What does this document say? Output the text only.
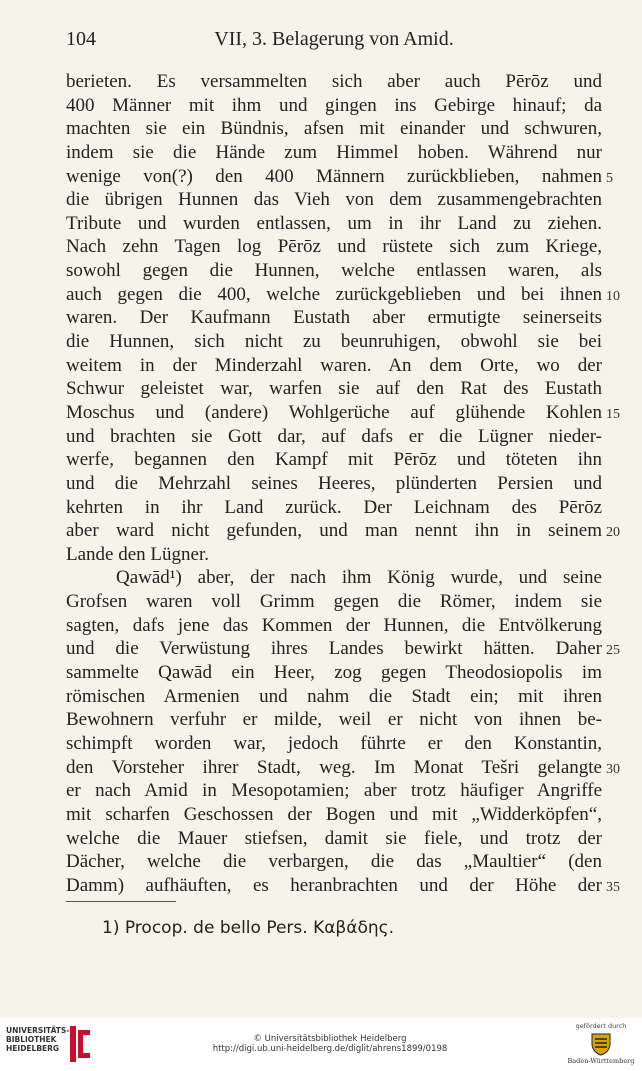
104	VII, 3. Belagerung von Amid.
berieten. Es versammelten sich aber auch Pērōz und
400 Männer mit ihm und gingen ins Gebirge hinauf; da
machten sie ein Bündnis, afsen mit einander und schwuren,
indem sie die Hände zum Himmel hoben. Während nur
wenige von(?) den 400 Männern zurückblieben, nahmen 5
die übrigen Hunnen das Vieh von dem zusammengebrachten
Tribute und wurden entlassen, um in ihr Land zu ziehen.
Nach zehn Tagen log Pērōz und rüstete sich zum Kriege,
sowohl gegen die Hunnen, welche entlassen waren, als
auch gegen die 400, welche zurückgeblieben und bei ihnen 10
waren. Der Kaufmann Eustath aber ermutigte seinerseits
die Hunnen, sich nicht zu beunruhigen, obwohl sie bei
weitem in der Minderzahl waren. An dem Orte, wo der
Schwur geleistet war, warfen sie auf den Rat des Eustath
Moschus und (andere) Wohlgerüche auf glühende Kohlen 15
und brachten sie Gott dar, auf dafs er die Lügner nieder-
werfe, begannen den Kampf mit Pērōz und töteten ihn
und die Mehrzahl seines Heeres, plünderten Persien und
kehrten in ihr Land zurück. Der Leichnam des Pērōz
aber ward nicht gefunden, und man nennt ihn in seinem 20
Lande den Lügner.
Qawād¹) aber, der nach ihm König wurde, und seine
Grofsen waren voll Grimm gegen die Römer, indem sie
sagten, dafs jene das Kommen der Hunnen, die Entvölkerung
und die Verwüstung ihres Landes bewirkt hätten. Daher 25
sammelte Qawād ein Heer, zog gegen Theodosiopolis im
römischen Armenien und nahm die Stadt ein; mit ihren
Bewohnern verfuhr er milde, weil er nicht von ihnen be-
schimpft worden war, jedoch führte er den Konstantin,
den Vorsteher ihrer Stadt, weg. Im Monat Tešri gelangte 30
er nach Amid in Mesopotamien; aber trotz häufiger Angriffe
mit scharfen Geschossen der Bogen und mit „Widderköpfen“,
welche die Mauer stiefsen, damit sie fiele, und trotz der
Dächer, welche die verbargen, die das „Maultier“ (den
Damm) aufhäuften, es heranbrachten und der Höhe der 35
1) Procop. de bello Pers. Καβάδης.
UNIVERSITÄTS-
BIBLIOTHEK
HEIDELBERG
© Universitätsbibliothek Heidelberg
http://digi.ub.uni-heidelberg.de/diglit/ahrens1899/0198
gefördert durch
Baden-Württemberg
